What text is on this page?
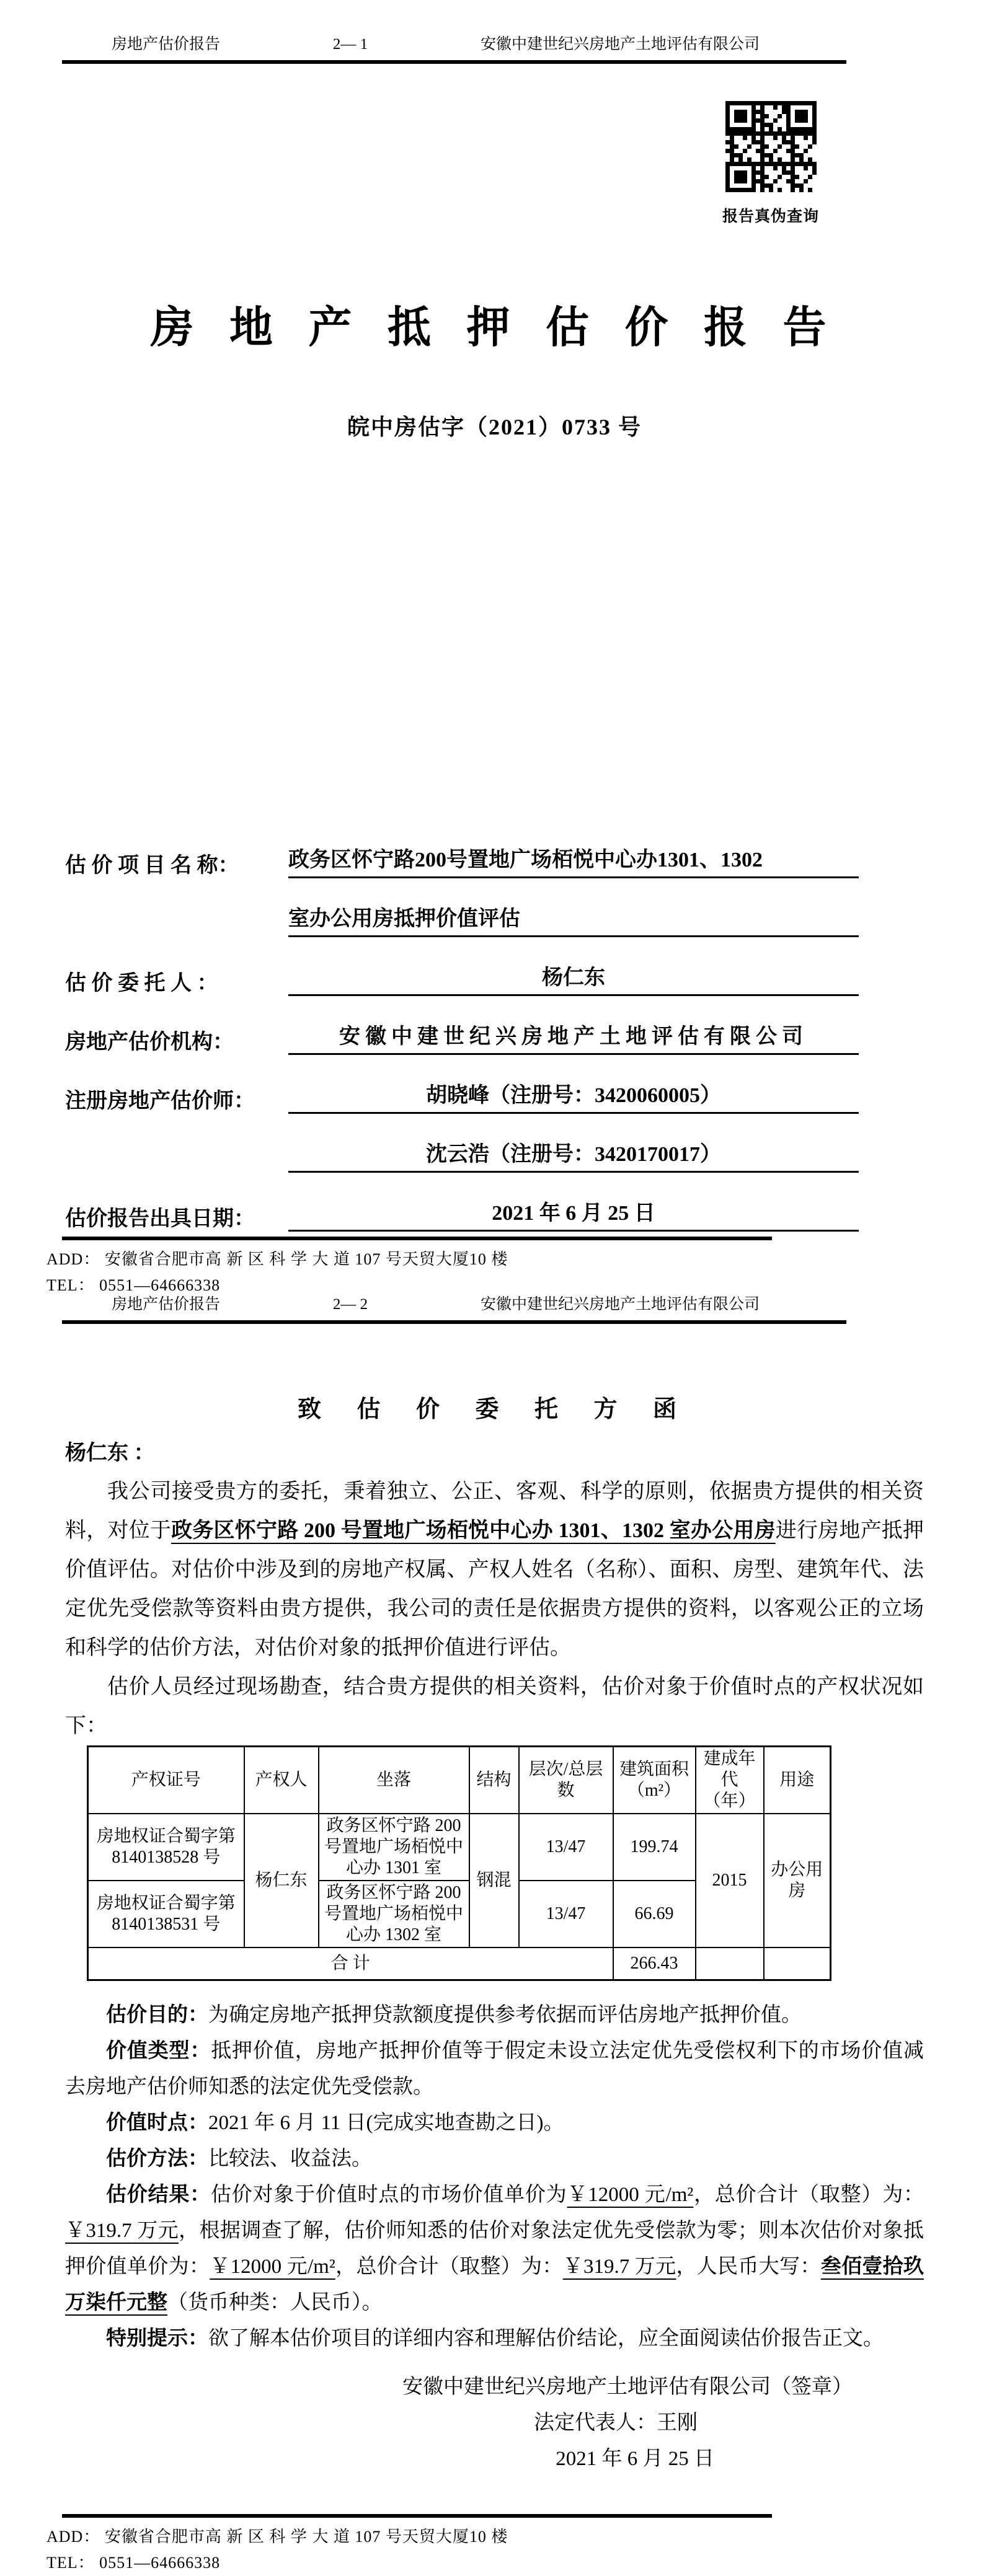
房地产估价报告	2— 1	安徽中建世纪兴房地产土地评估有限公司
报告真伪查询
房 地 产 抵 押 估 价 报 告
皖中房估字（2021）0733 号
估 价 项 目 名 称：	政务区怀宁路200号置地广场栢悦中心办1301、1302
室办公用房抵押价值评估
估 价 委 托 人 ：	杨仁东
房地产估价机构：	安徽中建世纪兴房地产土地评估有限公司
注册房地产估价师：	胡晓峰（注册号：3420060005）
沈云浩（注册号：3420170017）
估价报告出具日期：	2021 年 6 月 25 日
ADD： 安徽省合肥市高 新 区 科 学 大 道 107 号天贸大厦10 楼
TEL： 0551—64666338
房地产估价报告	2— 2	安徽中建世纪兴房地产土地评估有限公司
致 估 价 委 托 方 函
杨仁东 ：

我公司接受贵方的委托，秉着独立、公正、客观、科学的原则，依据贵方提供的相关资料，对位于政务区怀宁路 200 号置地广场栢悦中心办 1301、1302 室办公用房进行房地产抵押价值评估。对估价中涉及到的房地产权属、产权人姓名（名称）、面积、房型、建筑年代、法定优先受偿款等资料由贵方提供，我公司的责任是依据贵方提供的资料，以客观公正的立场和科学的估价方法，对估价对象的抵押价值进行评估。

估价人员经过现场勘查，结合贵方提供的相关资料，估价对象于价值时点的产权状况如下：

产权证号	产权人	坐落	结构	层次/总层数	建筑面积（m²）	建成年代（年）	用途
房地权证合蜀字第 8140138528 号	杨仁东	政务区怀宁路 200 号置地广场栢悦中心办 1301 室	钢混	13/47	199.74	2015	办公用房
房地权证合蜀字第 8140138531 号		政务区怀宁路 200 号置地广场栢悦中心办 1302 室		13/47	66.69		
合 计					266.43		

估价目的：为确定房地产抵押贷款额度提供参考依据而评估房地产抵押价值。

价值类型：抵押价值，房地产抵押价值等于假定未设立法定优先受偿权利下的市场价值减去房地产估价师知悉的法定优先受偿款。

价值时点：2021 年 6 月 11 日(完成实地查勘之日)。

估价方法：比较法、收益法。

估价结果：估价对象于价值时点的市场价值单价为￥12000 元/m²，总价合计（取整）为：￥319.7 万元，根据调查了解，估价师知悉的估价对象法定优先受偿款为零；则本次估价对象抵押价值单价为：￥12000 元/m²，总价合计（取整）为：￥319.7 万元，人民币大写：叁佰壹拾玖万柒仟元整（货币种类：人民币）。

特别提示：欲了解本估价项目的详细内容和理解估价结论，应全面阅读估价报告正文。

安徽中建世纪兴房地产土地评估有限公司（签章）

法定代表人：王刚

2021 年 6 月 25 日

ADD： 安徽省合肥市高 新 区 科 学 大 道 107 号天贸大厦10 楼
TEL： 0551—64666338
